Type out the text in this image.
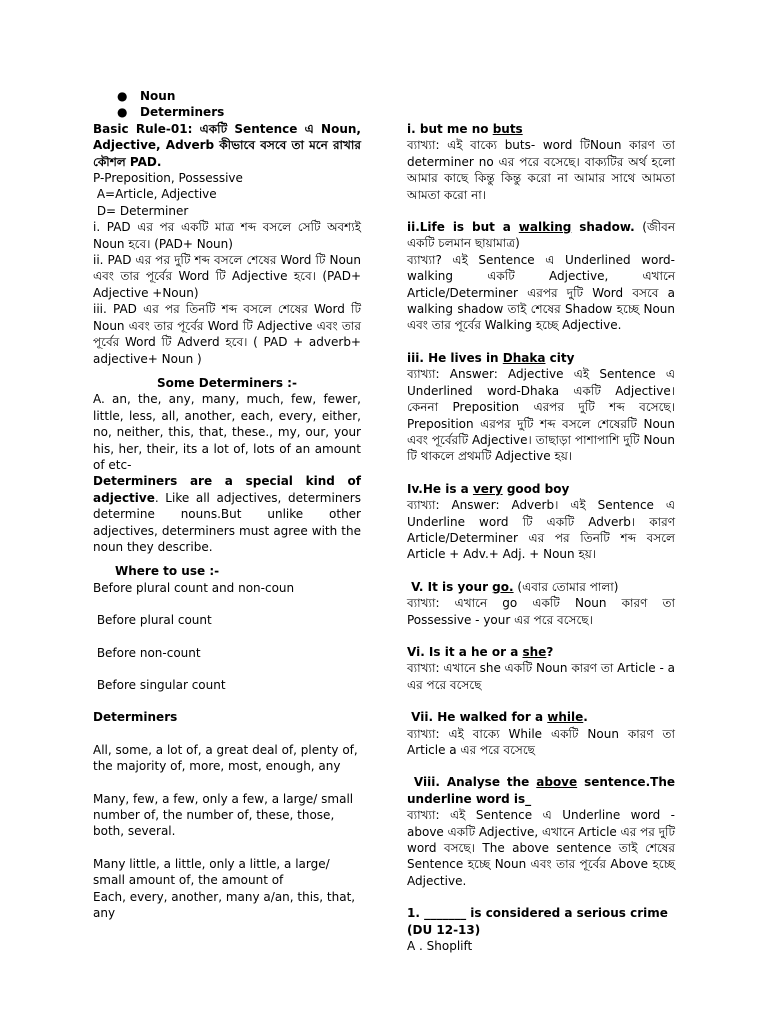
● Noun
● Determiners

Basic Rule-01: একটি Sentence এ Noun, Adjective, Adverb কীভাবে বসবে তা মনে রাখার কৌশল PAD.

P-Preposition, Possessive

A=Article, Adjective

D= Determiner

i. PAD এর পর একটি মাত্র শব্দ বসলে সেটি অবশ্যই Noun হবে। (PAD+ Noun)

ii. PAD এর পর দুটি শব্দ বসলে শেষের Word টি Noun এবং তার পূর্বের Word টি Adjective হবে। (PAD+ Adjective +Noun)

iii. PAD এর পর তিনটি শব্দ বসলে শেষের Word টি Noun এবং তার পূর্বের Word টি Adjective এবং তার পূর্বের Word টি Adverd হবে। ( PAD + adverb+ adjective+ Noun )

Some Determiners :-

A. an, the, any, many, much, few, fewer, little, less, all, another, each, every, either, no, neither, this, that, these., my, our, your his, her, their, its a lot of, lots of an amount of etc-

Determiners are a special kind of adjective. Like all adjectives, determiners determine nouns.But unlike other adjectives, determiners must agree with the noun they describe.

Where to use :-

Before plural count and non-coun

Before plural count

Before non-count

Before singular count

Determiners

All, some, a lot of, a great deal of, plenty of, the majority of, more, most, enough, any

Many, few, a few, only a few, a large/ small number of, the number of, these, those, both, several.

Many little, a little, only a little, a large/ small amount of, the amount of

Each, every, another, many a/an, this, that, any

i. but me no buts

ব্যাখ্যা: এই বাক্যে buts- word টিNoun কারণ তা determiner no এর পরে বসেছে। বাক্যটির অর্থ হলো আমার কাছে কিন্তু কিন্তু করো না আমার সাথে আমতা আমতা করো না।

ii.Life is but a walking shadow. (জীবন একটি চলমান ছায়ামাত্র)

ব্যাখ্যা? এই Sentence এ Underlined word- walking একটি Adjective, এখানে Article/Determiner এরপর দুটি Word বসবে a walking shadow তাই শেষের Shadow হচ্ছে Noun এবং তার পূর্বের Walking হচ্ছে Adjective.

iii. He lives in Dhaka city

ব্যাখ্যা: Answer: Adjective এই Sentence এ Underlined word-Dhaka একটি Adjective। কেননা Preposition এরপর দুটি শব্দ বসেছে। Preposition এরপর দুটি শব্দ বসলে শেষেরটি Noun এবং পূর্বেরটি Adjective। তাছাড়া পাশাপাশি দুটি Noun টি থাকলে প্রথমটি Adjective হয়।

Iv.He is a very good boy

ব্যাখ্যা: Answer: Adverb। এই Sentence এ Underline word টি একটি Adverb। কারণ Article/Determiner এর পর তিনটি শব্দ বসলে Article + Adv.+ Adj. + Noun হয়।

V. It is your go. (এবার তোমার পালা)

ব্যাখ্যা: এখানে go একটি Noun কারণ তা Possessive - your এর পরে বসেছে।

Vi. Is it a he or a she?

ব্যাখ্যা: এখানে she একটি Noun কারণ তা Article - a এর পরে বসেছে

Vii. He walked for a while.

ব্যাখ্যা: এই বাক্যে While একটি Noun কারণ তা Article a এর পরে বসেছে

Viii. Analyse the above sentence.The underline word is_

ব্যাখ্যা: এই Sentence এ Underline word - above একটি Adjective, এখানে Article এর পর দুটি word বসছে। The above sentence তাই শেষের Sentence হচ্ছে Noun এবং তার পূর্বের Above হচ্ছে Adjective.

1. _______ is considered a serious crime (DU 12-13)

A . Shoplift
